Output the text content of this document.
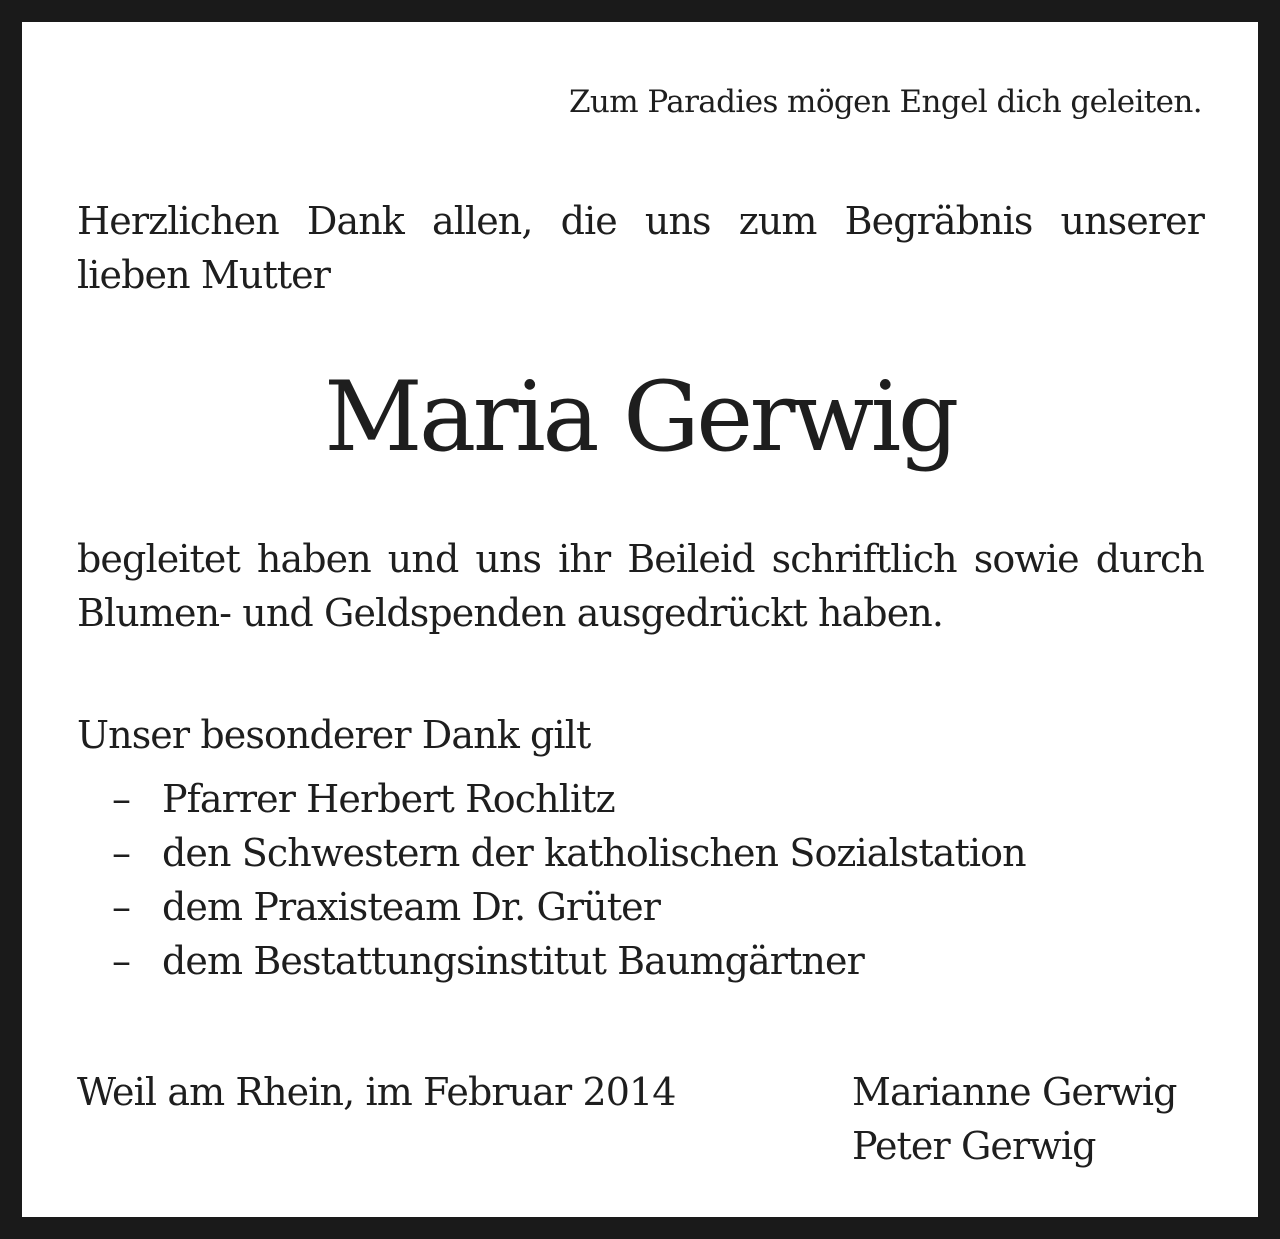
Zum Paradies mögen Engel dich geleiten.
Herzlichen Dank allen, die uns zum Begräbnis unserer
lieben Mutter
Maria Gerwig
begleitet haben und uns ihr Beileid schriftlich sowie durch
Blumen- und Geldspenden ausgedrückt haben.
Unser besonderer Dank gilt
– Pfarrer Herbert Rochlitz
– den Schwestern der katholischen Sozialstation
– dem Praxisteam Dr. Grüter
– dem Bestattungsinstitut Baumgärtner
Weil am Rhein, im Februar 2014	Marianne Gerwig
Peter Gerwig
